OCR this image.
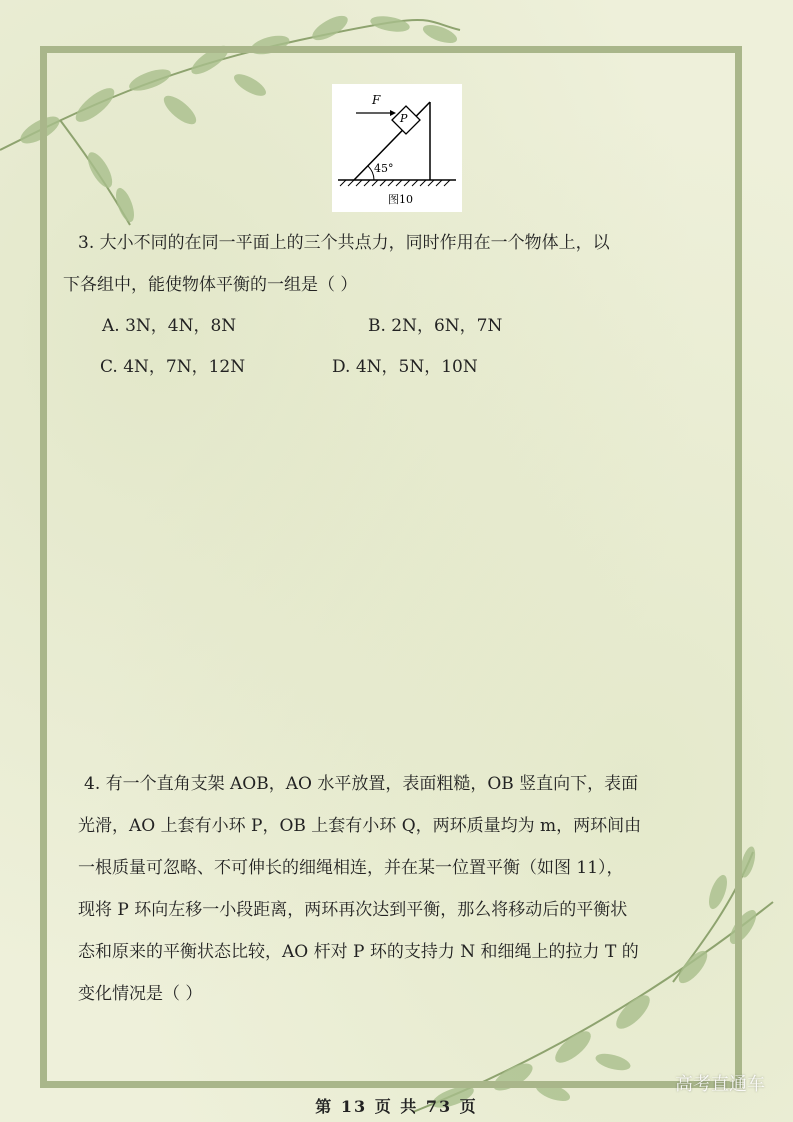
F
P
45°
图10

3. 大小不同的在同一平面上的三个共点力，同时作用在一个物体上，以

下各组中，能使物体平衡的一组是（ ）

A. 3N，4N，8N	B. 2N，6N，7N
C. 4N，7N，12N	D. 4N，5N，10N

4. 有一个直角支架 AOB，AO 水平放置，表面粗糙，OB 竖直向下，表面

光滑，AO 上套有小环 P，OB 上套有小环 Q，两环质量均为 m，两环间由

一根质量可忽略、不可伸长的细绳相连，并在某一位置平衡（如图 11），

现将 P 环向左移一小段距离，两环再次达到平衡，那么将移动后的平衡状

态和原来的平衡状态比较，AO 杆对 P 环的支持力 N 和细绳上的拉力 T 的

变化情况是（ ）

第 13 页 共 73 页
高考直通车
